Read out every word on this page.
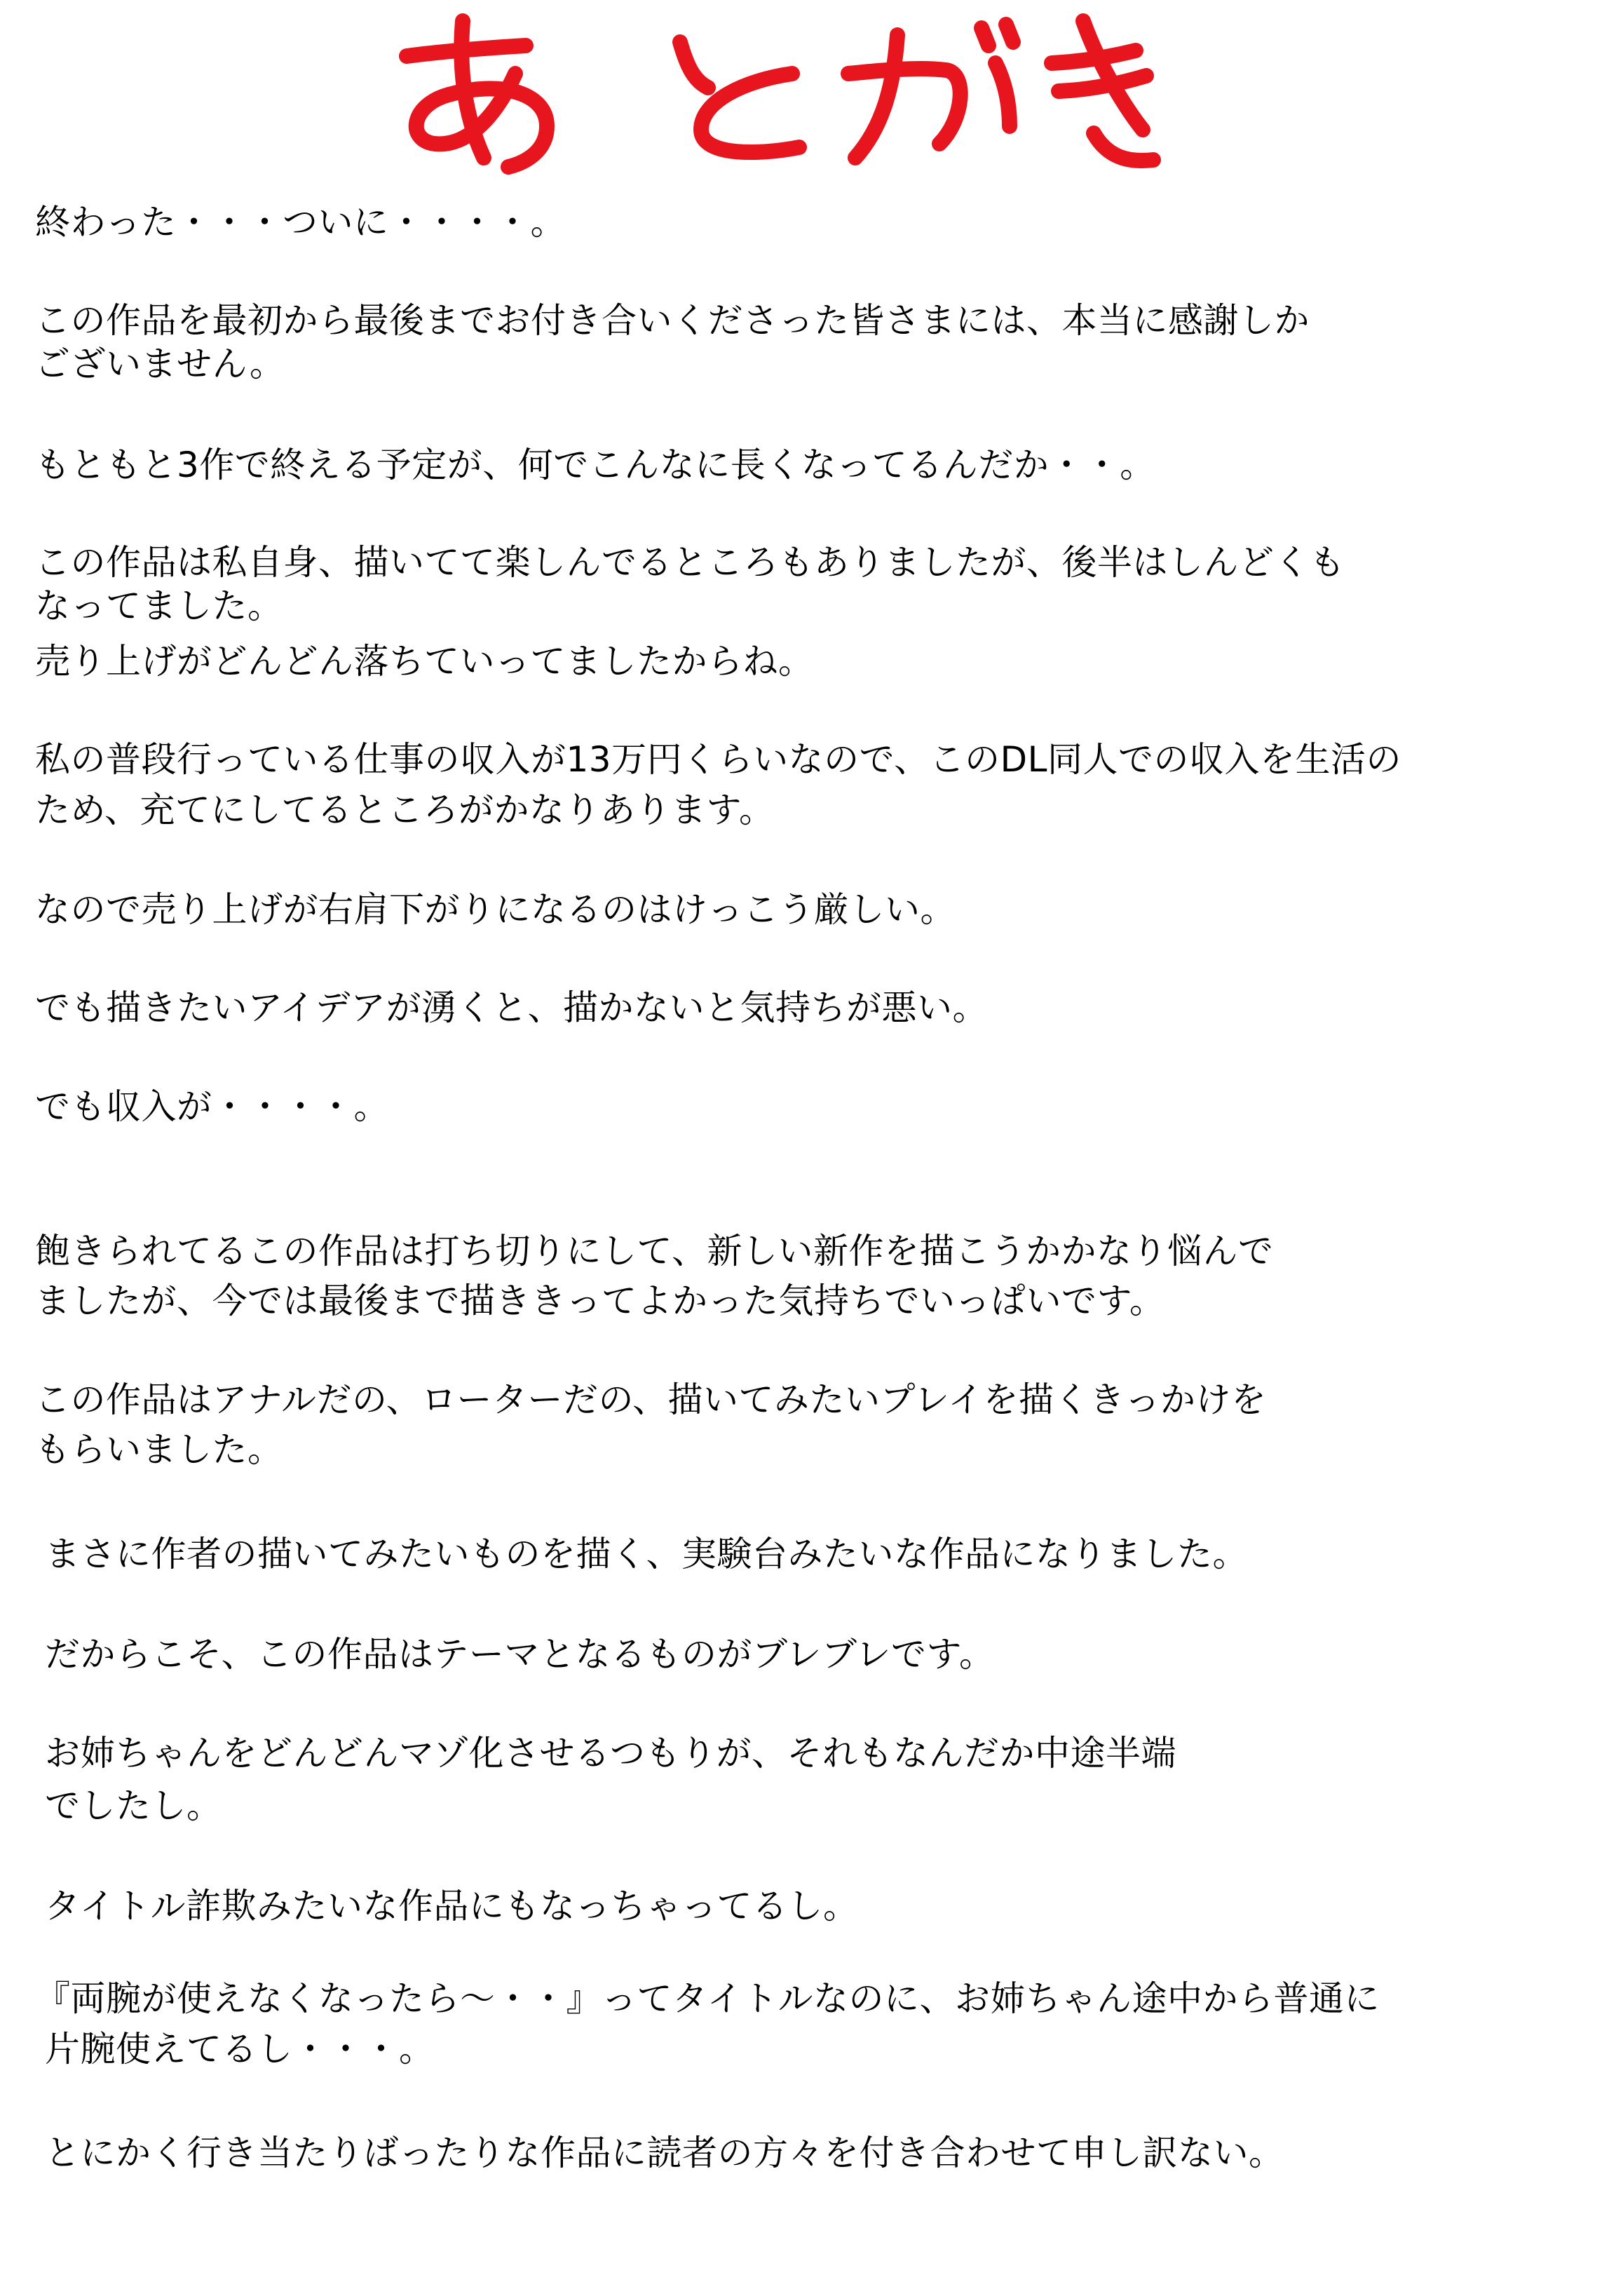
終わった・・・ついに・・・・。
この作品を最初から最後までお付き合いくださった皆さまには、本当に感謝しか
ございません。
もともと3作で終える予定が、何でこんなに長くなってるんだか・・。
この作品は私自身、描いてて楽しんでるところもありましたが、後半はしんどくも
なってました。
売り上げがどんどん落ちていってましたからね。
私の普段行っている仕事の収入が13万円くらいなので、このDL同人での収入を生活の
ため、充てにしてるところがかなりあります。
なので売り上げが右肩下がりになるのはけっこう厳しい。
でも描きたいアイデアが湧くと、描かないと気持ちが悪い。
でも収入が・・・・。
飽きられてるこの作品は打ち切りにして、新しい新作を描こうかかなり悩んで
ましたが、今では最後まで描ききってよかった気持ちでいっぱいです。
この作品はアナルだの、ローターだの、描いてみたいプレイを描くきっかけを
もらいました。
まさに作者の描いてみたいものを描く、実験台みたいな作品になりました。
だからこそ、この作品はテーマとなるものがブレブレです。
お姉ちゃんをどんどんマゾ化させるつもりが、それもなんだか中途半端
でしたし。
タイトル詐欺みたいな作品にもなっちゃってるし。
『両腕が使えなくなったら～・・』ってタイトルなのに、お姉ちゃん途中から普通に
片腕使えてるし・・・。
とにかく行き当たりばったりな作品に読者の方々を付き合わせて申し訳ない。
